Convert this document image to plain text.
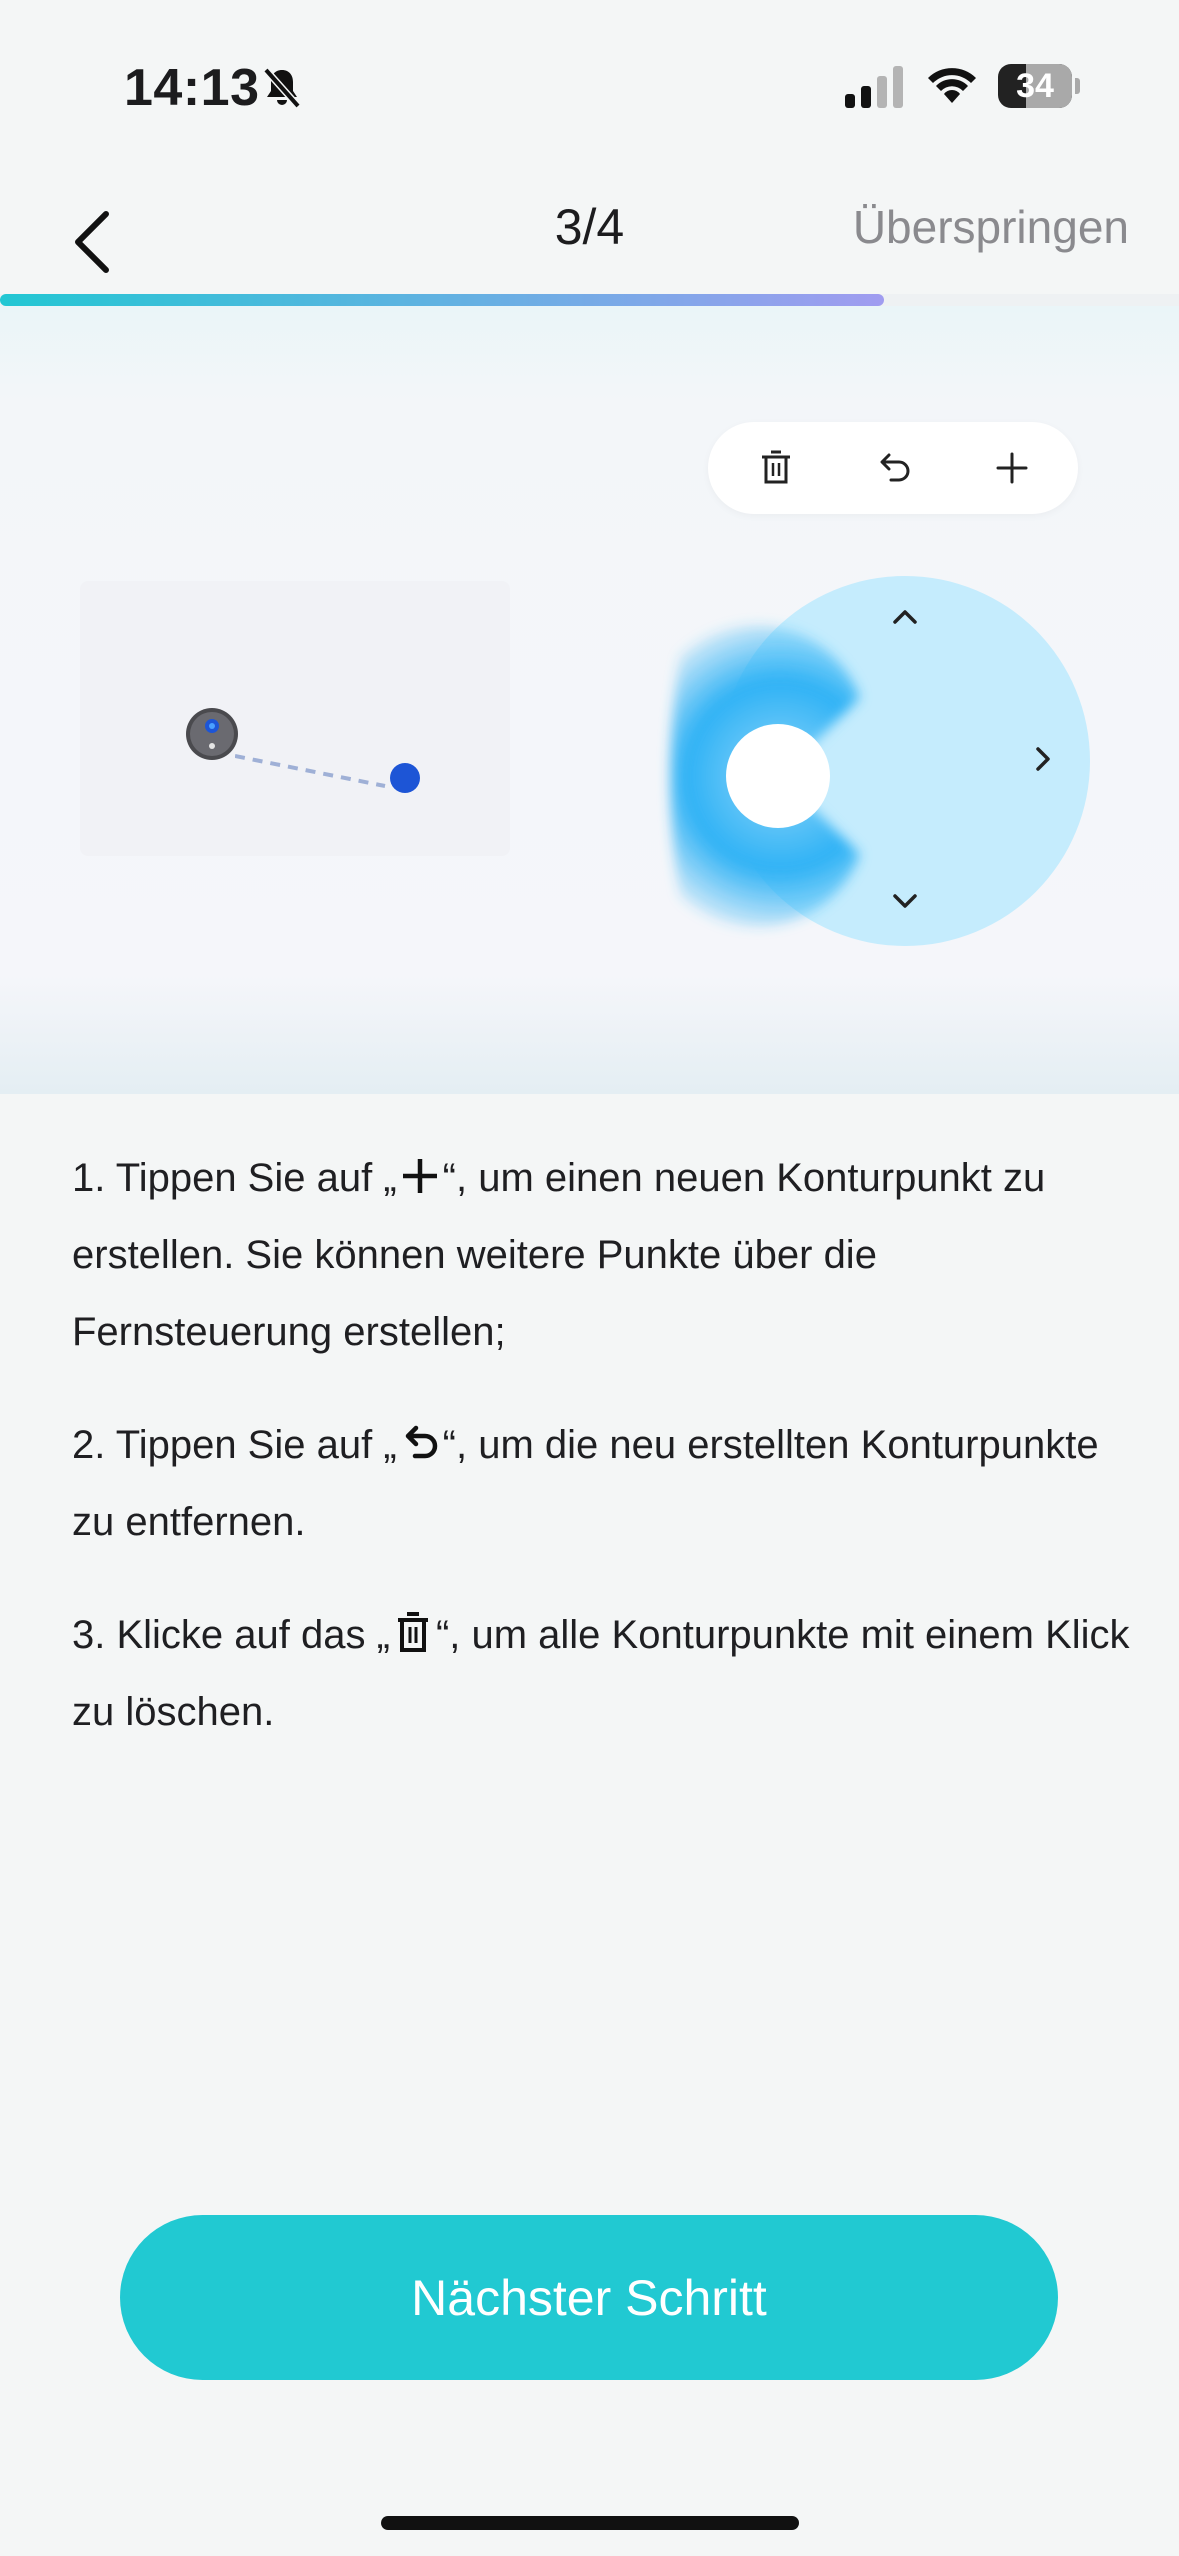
14:13	34
3/4	Überspringen

1. Tippen Sie auf „ “, um einen neuen Konturpunkt zu erstellen. Sie können weitere Punkte über die Fernsteuerung erstellen;

2. Tippen Sie auf „ “, um die neu erstellten Konturpunkte zu entfernen.

3. Klicke auf das „ “, um alle Konturpunkte mit einem Klick zu löschen.

Nächster Schritt
